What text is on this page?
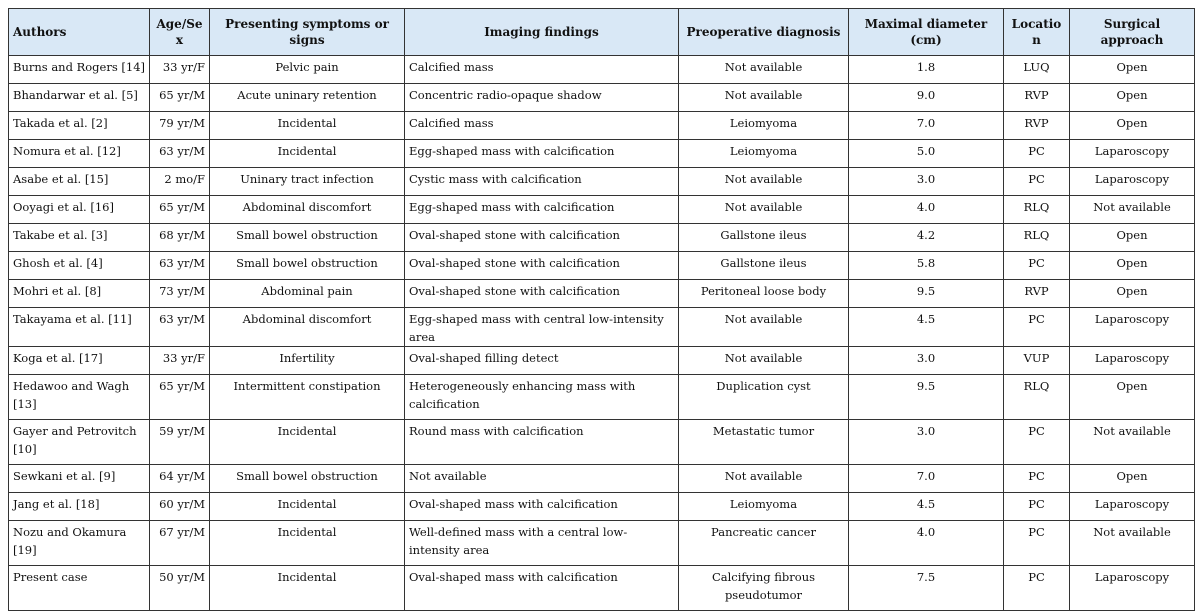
Authors	Age/Sex	Presenting symptoms or signs	Imaging findings	Preoperative diagnosis	Maximal diameter (cm)	Location	Surgical approach
Burns and Rogers [14]	33 yr/F	Pelvic pain	Calcified mass	Not available	1.8	LUQ	Open
Bhandarwar et al. [5]	65 yr/M	Acute uninary retention	Concentric radio-opaque shadow	Not available	9.0	RVP	Open
Takada et al. [2]	79 yr/M	Incidental	Calcified mass	Leiomyoma	7.0	RVP	Open
Nomura et al. [12]	63 yr/M	Incidental	Egg-shaped mass with calcification	Leiomyoma	5.0	PC	Laparoscopy
Asabe et al. [15]	2 mo/F	Uninary tract infection	Cystic mass with calcification	Not available	3.0	PC	Laparoscopy
Ooyagi et al. [16]	65 yr/M	Abdominal discomfort	Egg-shaped mass with calcification	Not available	4.0	RLQ	Not available
Takabe et al. [3]	68 yr/M	Small bowel obstruction	Oval-shaped stone with calcification	Gallstone ileus	4.2	RLQ	Open
Ghosh et al. [4]	63 yr/M	Small bowel obstruction	Oval-shaped stone with calcification	Gallstone ileus	5.8	PC	Open
Mohri et al. [8]	73 yr/M	Abdominal pain	Oval-shaped stone with calcification	Peritoneal loose body	9.5	RVP	Open
Takayama et al. [11]	63 yr/M	Abdominal discomfort	Egg-shaped mass with central low-intensity area	Not available	4.5	PC	Laparoscopy
Koga et al. [17]	33 yr/F	Infertility	Oval-shaped filling detect	Not available	3.0	VUP	Laparoscopy
Hedawoo and Wagh [13]	65 yr/M	Intermittent constipation	Heterogeneously enhancing mass with calcification	Duplication cyst	9.5	RLQ	Open
Gayer and Petrovitch [10]	59 yr/M	Incidental	Round mass with calcification	Metastatic tumor	3.0	PC	Not available
Sewkani et al. [9]	64 yr/M	Small bowel obstruction	Not available	Not available	7.0	PC	Open
Jang et al. [18]	60 yr/M	Incidental	Oval-shaped mass with calcification	Leiomyoma	4.5	PC	Laparoscopy
Nozu and Okamura [19]	67 yr/M	Incidental	Well-defined mass with a central low-intensity area	Pancreatic cancer	4.0	PC	Not available
Present case	50 yr/M	Incidental	Oval-shaped mass with calcification	Calcifying fibrous pseudotumor	7.5	PC	Laparoscopy
